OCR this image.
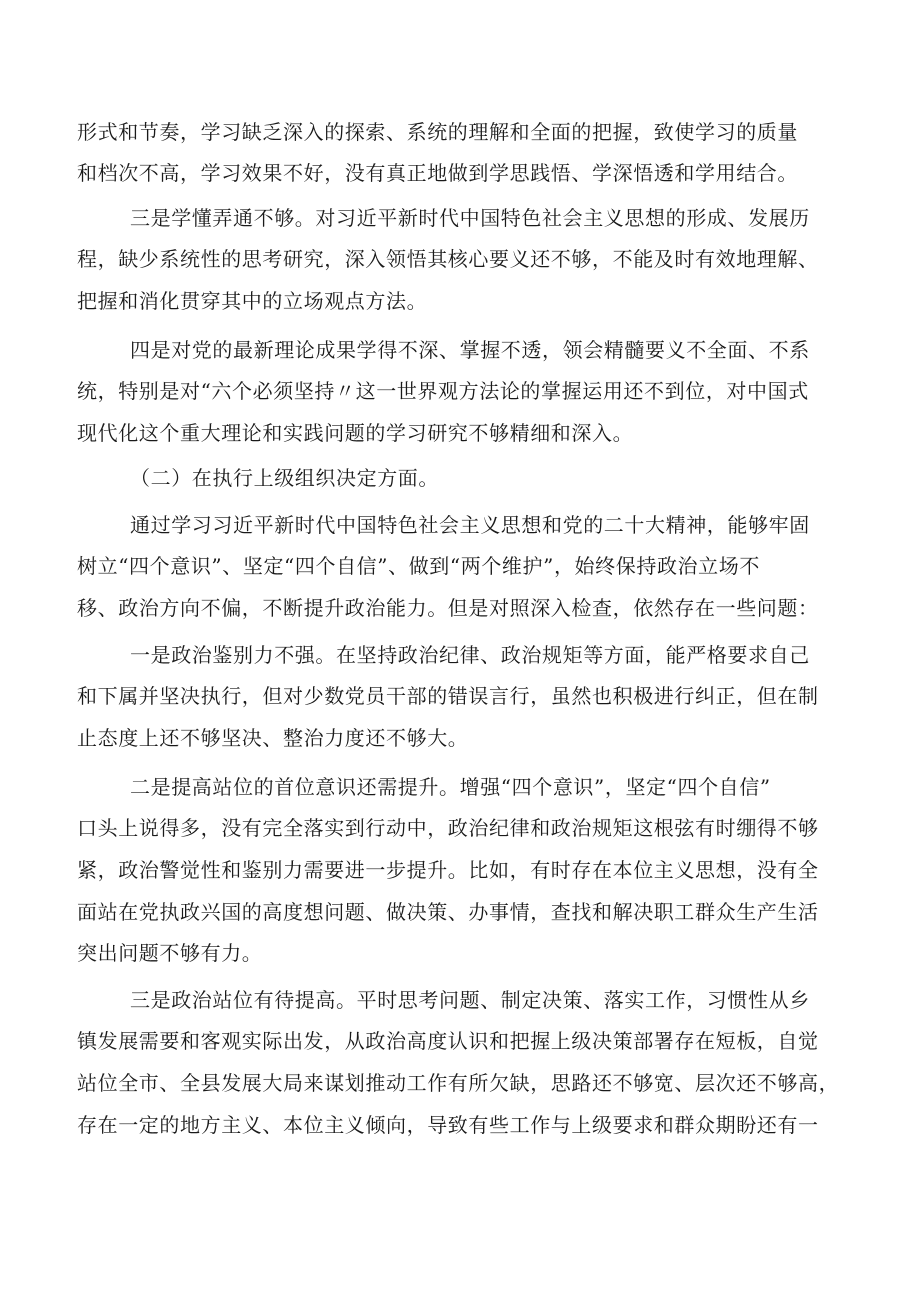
形式和节奏，学习缺乏深入的探索、系统的理解和全面的把握，致使学习的质量
和档次不高，学习效果不好，没有真正地做到学思践悟、学深悟透和学用结合。
三是学懂弄通不够。对习近平新时代中国特色社会主义思想的形成、发展历
程，缺少系统性的思考研究，深入领悟其核心要义还不够，不能及时有效地理解、
把握和消化贯穿其中的立场观点方法。
四是对党的最新理论成果学得不深、掌握不透，领会精髓要义不全面、不系
统，特别是对“六个必须坚持〃这一世界观方法论的掌握运用还不到位，对中国式
现代化这个重大理论和实践问题的学习研究不够精细和深入。
（二）在执行上级组织决定方面。
通过学习习近平新时代中国特色社会主义思想和党的二十大精神，能够牢固
树立“四个意识”、坚定“四个自信”、做到“两个维护”，始终保持政治立场不
移、政治方向不偏，不断提升政治能力。但是对照深入检查，依然存在一些问题：
一是政治鉴别力不强。在坚持政治纪律、政治规矩等方面，能严格要求自己
和下属并坚决执行，但对少数党员干部的错误言行，虽然也积极进行纠正，但在制
止态度上还不够坚决、整治力度还不够大。
二是提高站位的首位意识还需提升。增强“四个意识”，坚定“四个自信”
口头上说得多，没有完全落实到行动中，政治纪律和政治规矩这根弦有时绷得不够
紧，政治警觉性和鉴别力需要进一步提升。比如，有时存在本位主义思想，没有全
面站在党执政兴国的高度想问题、做决策、办事情，查找和解决职工群众生产生活
突出问题不够有力。
三是政治站位有待提高。平时思考问题、制定决策、落实工作，习惯性从乡
镇发展需要和客观实际出发，从政治高度认识和把握上级决策部署存在短板，自觉
站位全市、全县发展大局来谋划推动工作有所欠缺，思路还不够宽、层次还不够高，
存在一定的地方主义、本位主义倾向，导致有些工作与上级要求和群众期盼还有一
